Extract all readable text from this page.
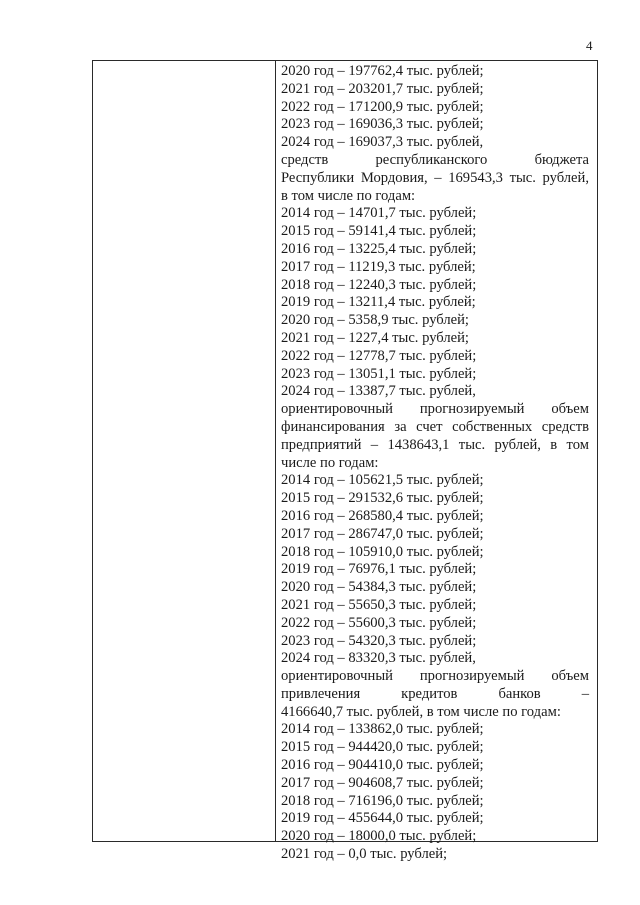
4
2020 год – 197762,4 тыс. рублей;
2021 год – 203201,7 тыс. рублей;
2022 год – 171200,9 тыс. рублей;
2023 год – 169036,3 тыс. рублей;
2024 год – 169037,3 тыс. рублей,
средств республиканского бюджета
Республики Мордовия, – 169543,3 тыс. рублей,
в том числе по годам:
2014 год – 14701,7 тыс. рублей;
2015 год – 59141,4 тыс. рублей;
2016 год – 13225,4 тыс. рублей;
2017 год – 11219,3 тыс. рублей;
2018 год – 12240,3 тыс. рублей;
2019 год – 13211,4 тыс. рублей;
2020 год – 5358,9 тыс. рублей;
2021 год – 1227,4 тыс. рублей;
2022 год – 12778,7 тыс. рублей;
2023 год – 13051,1 тыс. рублей;
2024 год – 13387,7 тыс. рублей,
ориентировочный прогнозируемый объем
финансирования за счет собственных средств
предприятий – 1438643,1 тыс. рублей, в том
числе по годам:
2014 год – 105621,5 тыс. рублей;
2015 год – 291532,6 тыс. рублей;
2016 год – 268580,4 тыс. рублей;
2017 год – 286747,0 тыс. рублей;
2018 год – 105910,0 тыс. рублей;
2019 год – 76976,1 тыс. рублей;
2020 год – 54384,3 тыс. рублей;
2021 год – 55650,3 тыс. рублей;
2022 год – 55600,3 тыс. рублей;
2023 год – 54320,3 тыс. рублей;
2024 год – 83320,3 тыс. рублей,
ориентировочный прогнозируемый объем
привлечения кредитов банков –
4166640,7 тыс. рублей, в том числе по годам:
2014 год – 133862,0 тыс. рублей;
2015 год – 944420,0 тыс. рублей;
2016 год – 904410,0 тыс. рублей;
2017 год – 904608,7 тыс. рублей;
2018 год – 716196,0 тыс. рублей;
2019 год – 455644,0 тыс. рублей;
2020 год – 18000,0 тыс. рублей;
2021 год – 0,0 тыс. рублей;
